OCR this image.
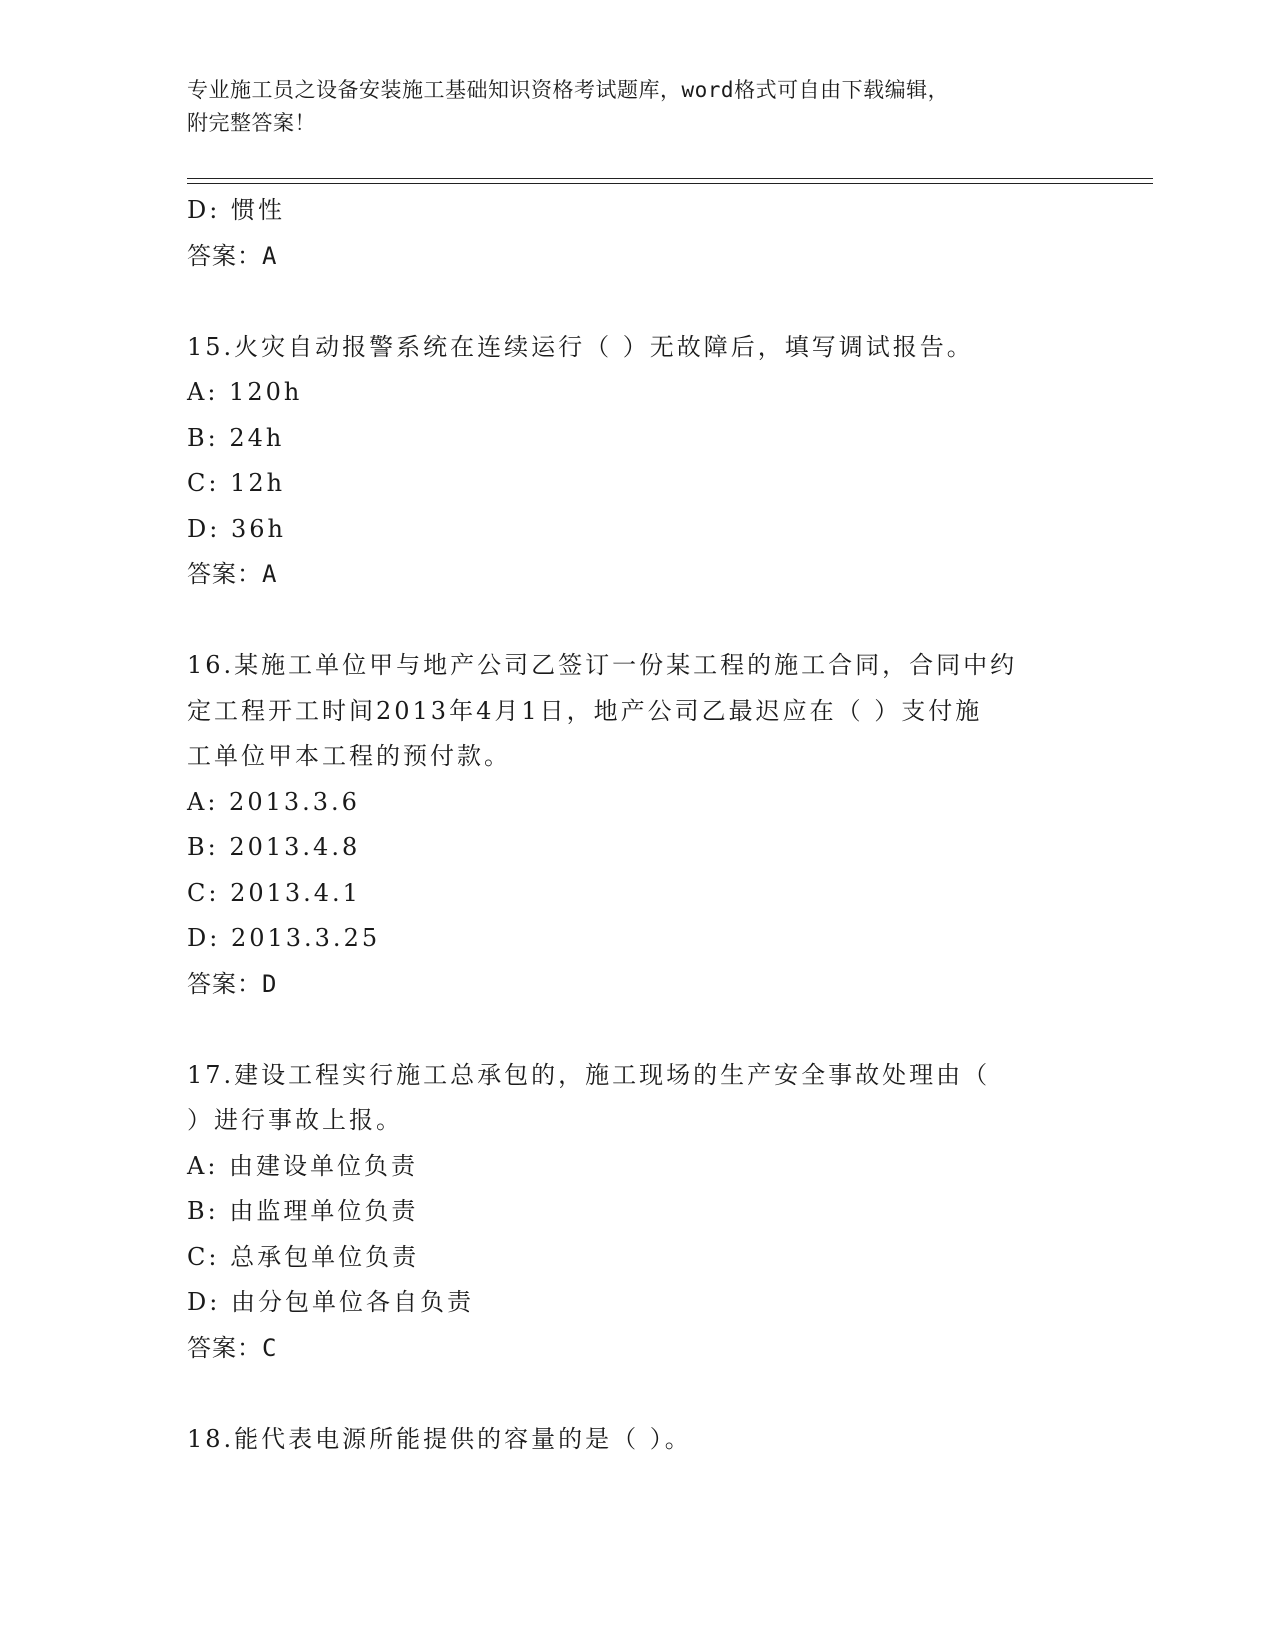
专业施工员之设备安装施工基础知识资格考试题库，word格式可自由下载编辑，
附完整答案！
D: 惯性
答案：A
15.火灾自动报警系统在连续运行（ ）无故障后，填写调试报告。
A: 120h
B: 24h
C: 12h
D: 36h
答案：A
16.某施工单位甲与地产公司乙签订一份某工程的施工合同，合同中约
定工程开工时间2013年4月1日，地产公司乙最迟应在（ ）支付施
工单位甲本工程的预付款。
A: 2013.3.6
B: 2013.4.8
C: 2013.4.1
D: 2013.3.25
答案：D
17.建设工程实行施工总承包的，施工现场的生产安全事故处理由（
）进行事故上报。
A: 由建设单位负责
B: 由监理单位负责
C: 总承包单位负责
D: 由分包单位各自负责
答案：C
18.能代表电源所能提供的容量的是（ ）。
